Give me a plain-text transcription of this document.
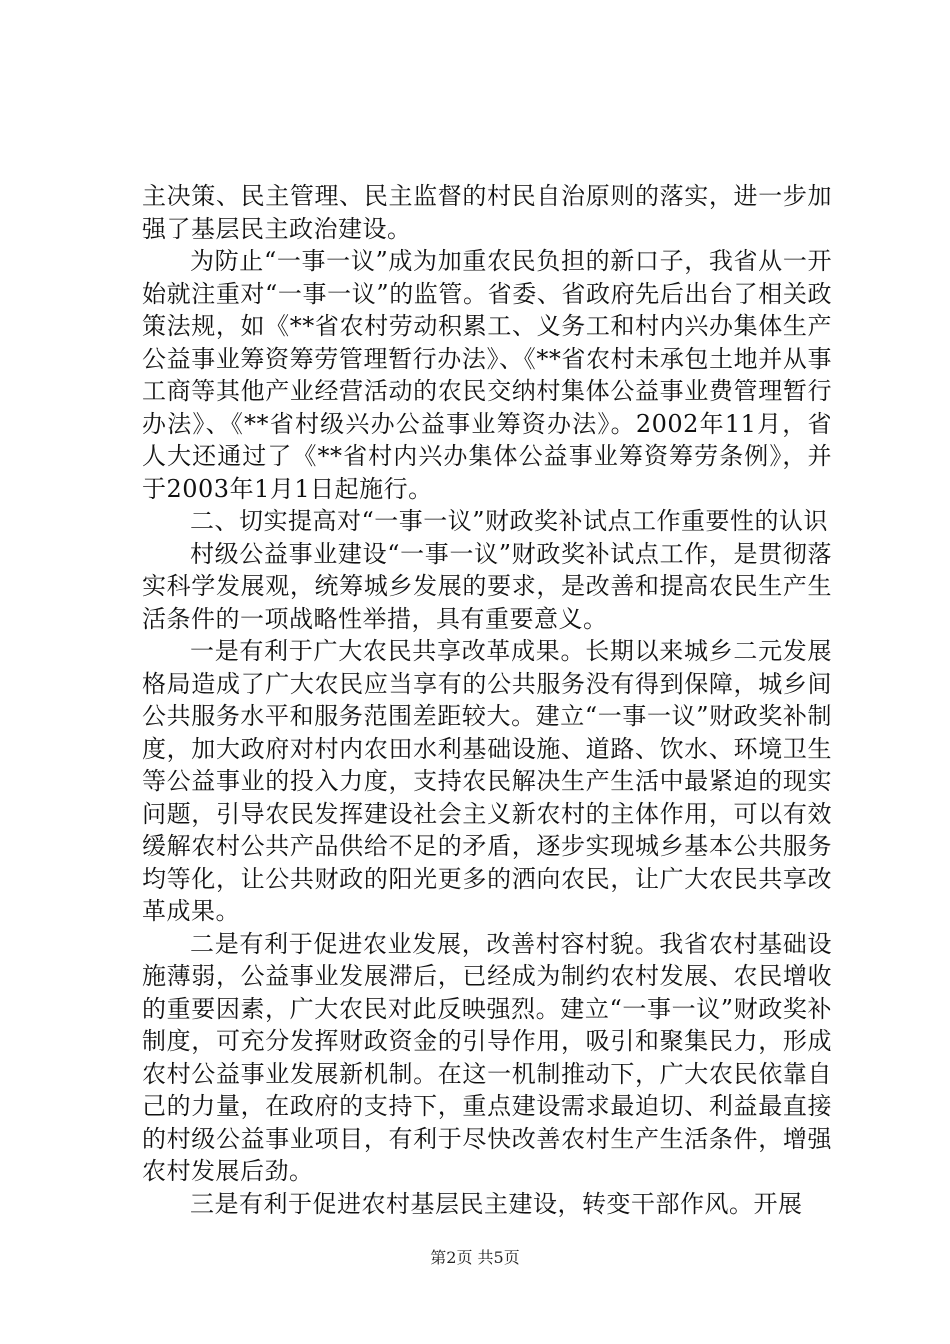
主决策、民主管理、民主监督的村民自治原则的落实，进一步加强了基层民主政治建设。

为防止“一事一议”成为加重农民负担的新口子，我省从一开始就注重对“一事一议”的监管。省委、省政府先后出台了相关政策法规，如《**省农村劳动积累工、义务工和村内兴办集体生产公益事业筹资筹劳管理暂行办法》、《**省农村未承包土地并从事工商等其他产业经营活动的农民交纳村集体公益事业费管理暂行办法》、《**省村级兴办公益事业筹资办法》。2002年11月，省人大还通过了《**省村内兴办集体公益事业筹资筹劳条例》，并于2003年1月1日起施行。

二、切实提高对“一事一议”财政奖补试点工作重要性的认识

村级公益事业建设“一事一议”财政奖补试点工作，是贯彻落实科学发展观，统筹城乡发展的要求，是改善和提高农民生产生活条件的一项战略性举措，具有重要意义。

一是有利于广大农民共享改革成果。长期以来城乡二元发展格局造成了广大农民应当享有的公共服务没有得到保障，城乡间公共服务水平和服务范围差距较大。建立“一事一议”财政奖补制度，加大政府对村内农田水利基础设施、道路、饮水、环境卫生等公益事业的投入力度，支持农民解决生产生活中最紧迫的现实问题，引导农民发挥建设社会主义新农村的主体作用，可以有效缓解农村公共产品供给不足的矛盾，逐步实现城乡基本公共服务均等化，让公共财政的阳光更多的洒向农民，让广大农民共享改革成果。

二是有利于促进农业发展，改善村容村貌。我省农村基础设施薄弱，公益事业发展滞后，已经成为制约农村发展、农民增收的重要因素，广大农民对此反映强烈。建立“一事一议”财政奖补制度，可充分发挥财政资金的引导作用，吸引和聚集民力，形成农村公益事业发展新机制。在这一机制推动下，广大农民依靠自己的力量，在政府的支持下，重点建设需求最迫切、利益最直接的村级公益事业项目，有利于尽快改善农村生产生活条件，增强农村发展后劲。

三是有利于促进农村基层民主建设，转变干部作风。开展

第2页 共5页
